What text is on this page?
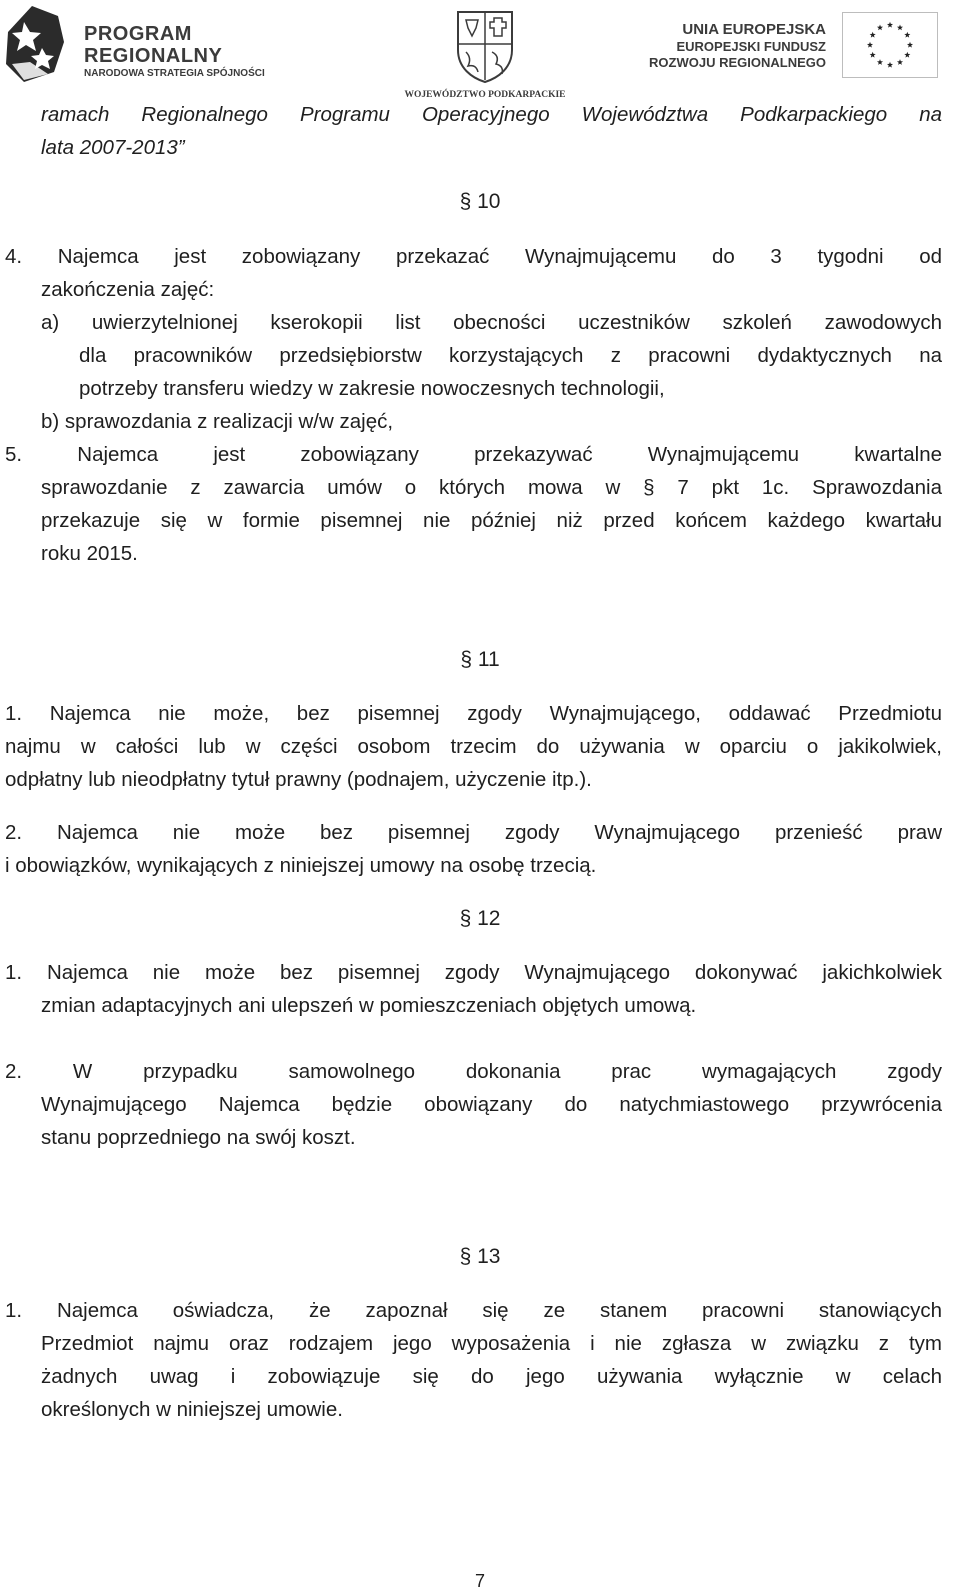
PROGRAM
REGIONALNY
NARODOWA STRATEGIA SPÓJNOŚCI
WOJEWÓDZTWO PODKARPACKIE
UNIA EUROPEJSKA
EUROPEJSKI FUNDUSZ
ROZWOJU REGIONALNEGO
ramach Regionalnego Programu Operacyjnego Województwa Podkarpackiego na
lata 2007-2013”
§ 10
4. Najemca jest zobowiązany przekazać Wynajmującemu do 3 tygodni od
zakończenia zajęć:
a) uwierzytelnionej kserokopii list obecności uczestników szkoleń zawodowych
dla pracowników przedsiębiorstw korzystających z pracowni dydaktycznych na
potrzeby transferu wiedzy w zakresie nowoczesnych technologii,
b) sprawozdania z realizacji w/w zajęć,
5. Najemca jest zobowiązany przekazywać Wynajmującemu kwartalne
sprawozdanie z zawarcia umów o których mowa w § 7 pkt 1c. Sprawozdania
przekazuje się w formie pisemnej nie później niż przed końcem każdego kwartału
roku 2015.
§ 11
1. Najemca nie może, bez pisemnej zgody Wynajmującego, oddawać Przedmiotu
najmu w całości lub w części osobom trzecim do używania w oparciu o jakikolwiek,
odpłatny lub nieodpłatny tytuł prawny (podnajem, użyczenie itp.).
2. Najemca nie może bez pisemnej zgody Wynajmującego przenieść praw
i obowiązków, wynikających z niniejszej umowy na osobę trzecią.
§ 12
1. Najemca nie może bez pisemnej zgody Wynajmującego dokonywać jakichkolwiek
zmian adaptacyjnych ani ulepszeń w pomieszczeniach objętych umową.
2. W przypadku samowolnego dokonania prac wymagających zgody
Wynajmującego Najemca będzie obowiązany do natychmiastowego przywrócenia
stanu poprzedniego na swój koszt.
§ 13
1. Najemca oświadcza, że zapoznał się ze stanem pracowni stanowiących
Przedmiot najmu oraz rodzajem jego wyposażenia i nie zgłasza w związku z tym
żadnych uwag i zobowiązuje się do jego używania wyłącznie w celach
określonych w niniejszej umowie.
7
